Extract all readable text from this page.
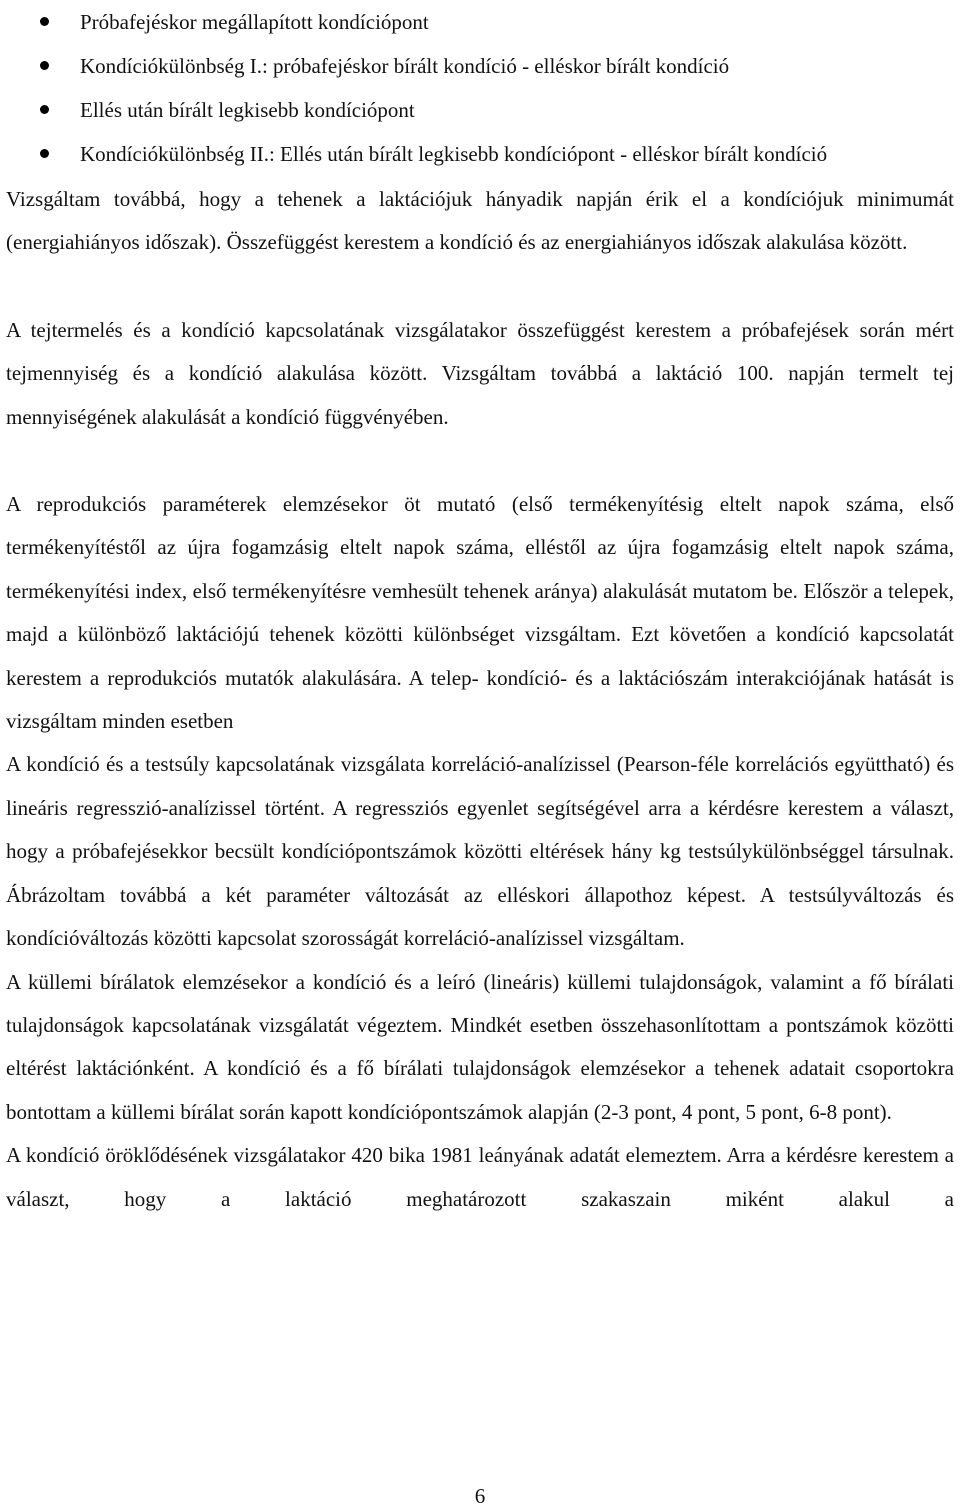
Próbafejéskor megállapított kondíciópont
Kondíciókülönbség I.: próbafejéskor bírált kondíció - elléskor bírált kondíció
Ellés után bírált legkisebb kondíciópont
Kondíciókülönbség II.: Ellés után bírált legkisebb kondíciópont - elléskor bírált kondíció

Vizsgáltam továbbá, hogy a tehenek a laktációjuk hányadik napján érik el a kondíciójuk minimumát (energiahiányos időszak). Összefüggést kerestem a kondíció és az energiahiányos időszak alakulása között.

A tejtermelés és a kondíció kapcsolatának vizsgálatakor összefüggést kerestem a próbafejések során mért tejmennyiség és a kondíció alakulása között. Vizsgáltam továbbá a laktáció 100. napján termelt tej mennyiségének alakulását a kondíció függvényében.

A reprodukciós paraméterek elemzésekor öt mutató (első termékenyítésig eltelt napok száma, első termékenyítéstől az újra fogamzásig eltelt napok száma, elléstől az újra fogamzásig eltelt napok száma, termékenyítési index, első termékenyítésre vemhesült tehenek aránya) alakulását mutatom be. Először a telepek, majd a különböző laktációjú tehenek közötti különbséget vizsgáltam. Ezt követően a kondíció kapcsolatát kerestem a reprodukciós mutatók alakulására. A telep- kondíció- és a laktációszám interakciójának hatását is vizsgáltam minden esetben

A kondíció és a testsúly kapcsolatának vizsgálata korreláció-analízissel (Pearson-féle korrelációs együttható) és lineáris regresszió-analízissel történt. A regressziós egyenlet segítségével arra a kérdésre kerestem a választ, hogy a próbafejésekkor becsült kondíciópontszámok közötti eltérések hány kg testsúlykülönbséggel társulnak. Ábrázoltam továbbá a két paraméter változását az elléskori állapothoz képest. A testsúlyváltozás és kondícióváltozás közötti kapcsolat szorosságát korreláció-analízissel vizsgáltam.

A küllemi bírálatok elemzésekor a kondíció és a leíró (lineáris) küllemi tulajdonságok, valamint a fő bírálati tulajdonságok kapcsolatának vizsgálatát végeztem. Mindkét esetben összehasonlítottam a pontszámok közötti eltérést laktációnként. A kondíció és a fő bírálati tulajdonságok elemzésekor a tehenek adatait csoportokra bontottam a küllemi bírálat során kapott kondíciópontszámok alapján (2-3 pont, 4 pont, 5 pont, 6-8 pont).

A kondíció öröklődésének vizsgálatakor 420 bika 1981 leányának adatát elemeztem. Arra a kérdésre kerestem a választ, hogy a laktáció meghatározott szakaszain miként alakul a

6
